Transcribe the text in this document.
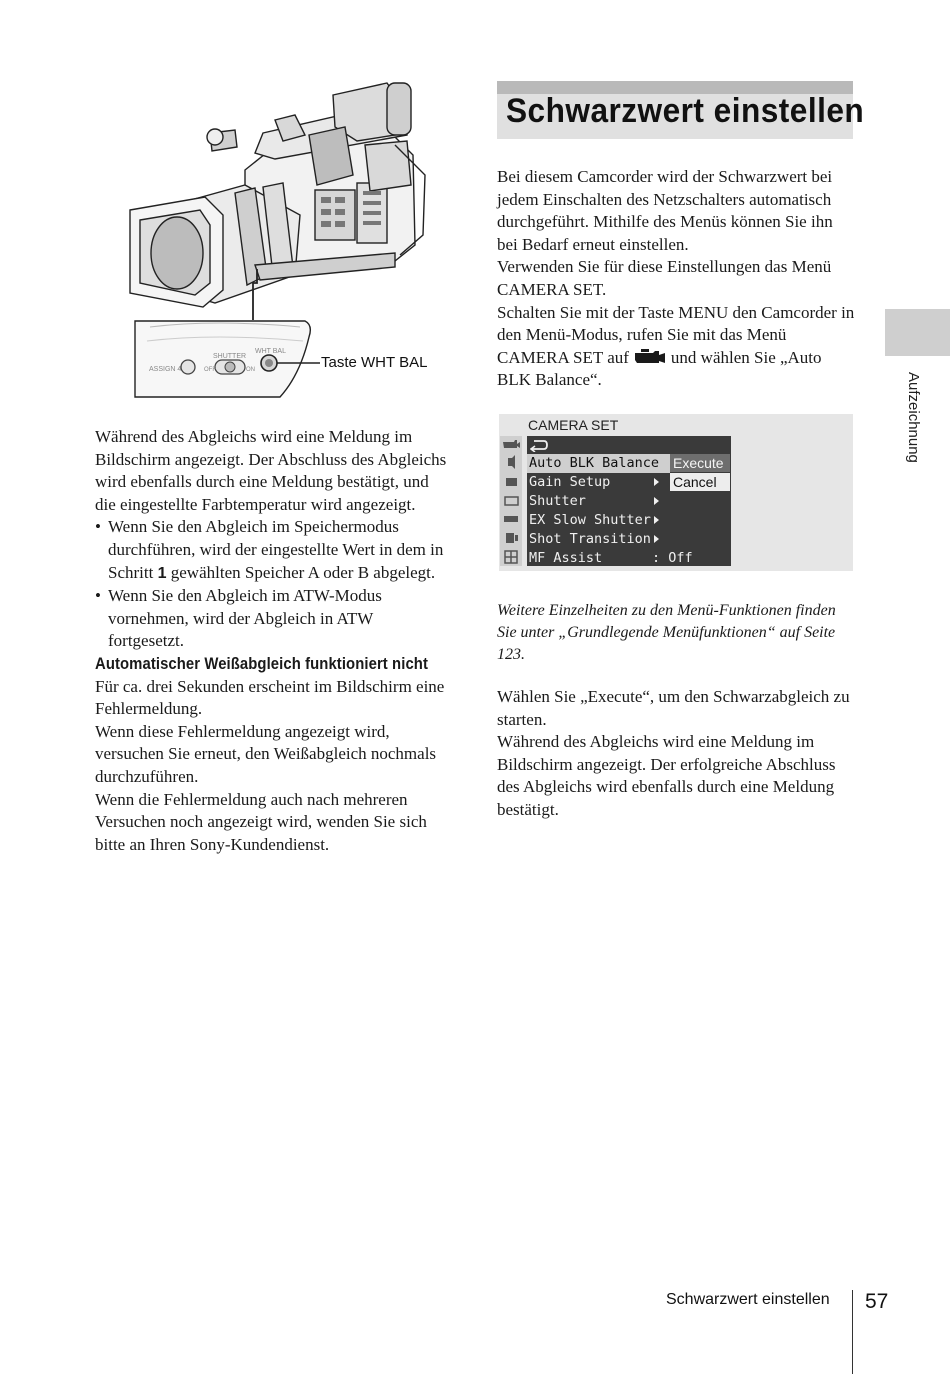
ASSIGN 4
SHUTTER
OFF	ON
WHT BAL
Taste WHT BAL

Während des Abgleichs wird eine Meldung im Bildschirm angezeigt. Der Abschluss des Abgleichs wird ebenfalls durch eine Meldung bestätigt, und die eingestellte Farbtemperatur wird angezeigt.

• Wenn Sie den Abgleich im Speichermodus durchführen, wird der eingestellte Wert in dem in Schritt 1 gewählten Speicher A oder B abgelegt.

• Wenn Sie den Abgleich im ATW-Modus vornehmen, wird der Abgleich in ATW fortgesetzt.

Automatischer Weißabgleich funktioniert nicht

Für ca. drei Sekunden erscheint im Bildschirm eine Fehlermeldung.

Wenn diese Fehlermeldung angezeigt wird, versuchen Sie erneut, den Weißabgleich nochmals durchzuführen.

Wenn die Fehlermeldung auch nach mehreren Versuchen noch angezeigt wird, wenden Sie sich bitte an Ihren Sony-Kundendienst.

Schwarzwert einstellen

Bei diesem Camcorder wird der Schwarzwert bei jedem Einschalten des Netzschalters automatisch durchgeführt. Mithilfe des Menüs können Sie ihn bei Bedarf erneut einstellen.

Verwenden Sie für diese Einstellungen das Menü CAMERA SET.

Schalten Sie mit der Taste MENU den Camcorder in den Menü-Modus, rufen Sie mit das Menü CAMERA SET auf und wählen Sie „Auto BLK Balance“.

CAMERA SET
Auto BLK Balance
Gain Setup
Shutter
EX Slow Shutter
Shot Transition
MF Assist	: Off
Execute
Cancel
Weitere Einzelheiten zu den Menü-Funktionen finden Sie unter „Grundlegende Menüfunktionen“ auf Seite 123.

Wählen Sie „Execute“, um den Schwarzabgleich zu starten.

Während des Abgleichs wird eine Meldung im Bildschirm angezeigt. Der erfolgreiche Abschluss des Abgleichs wird ebenfalls durch eine Meldung bestätigt.

Aufzeichnung
Schwarzwert einstellen 57
